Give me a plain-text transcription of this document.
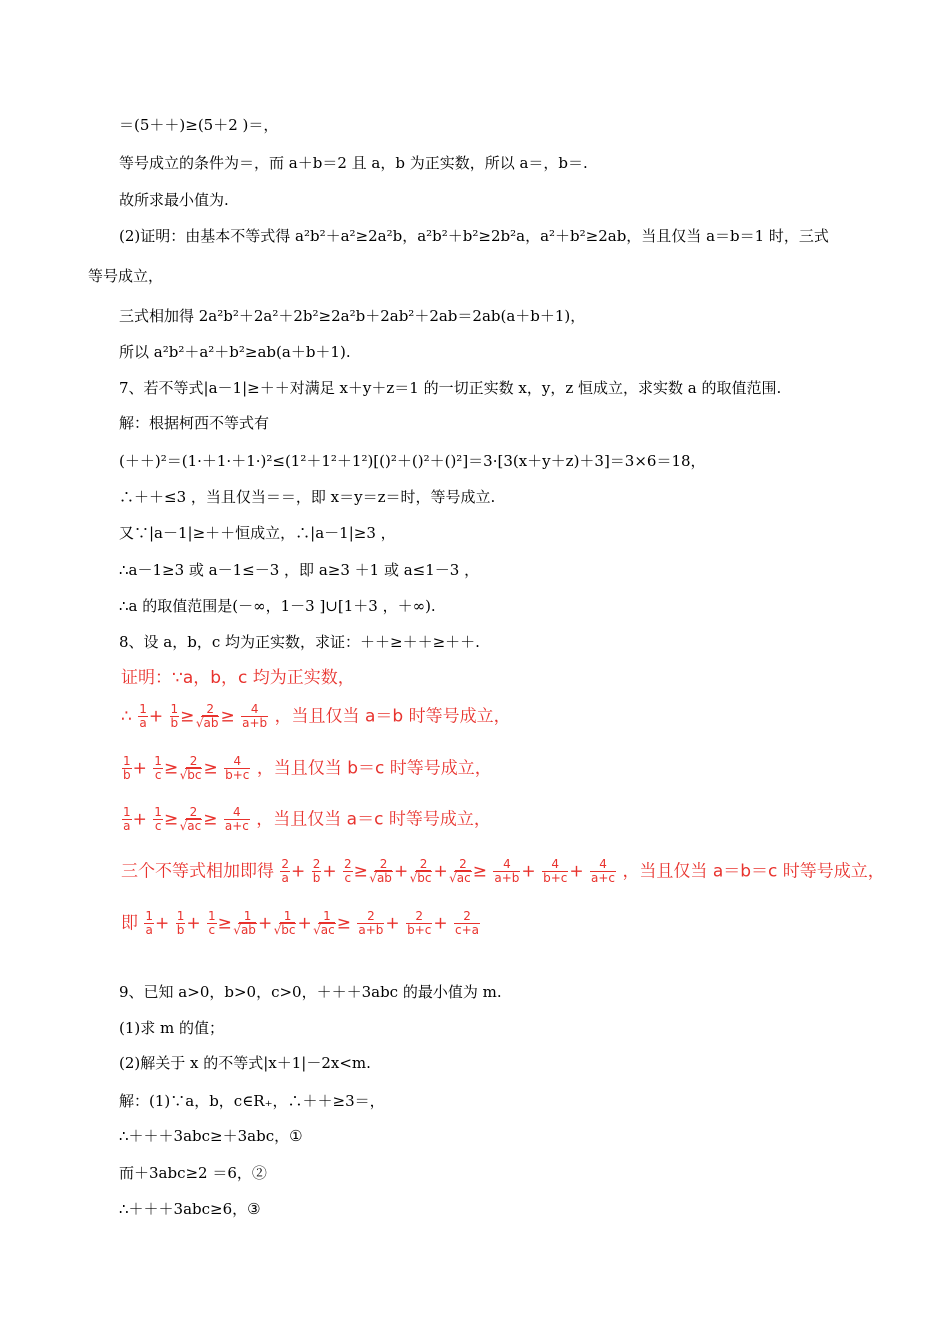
＝(5＋＋)≥(5＋2 )＝，
等号成立的条件为＝，而 a＋b＝2 且 a，b 为正实数，所以 a＝，b＝.
故所求最小值为.
(2)证明：由基本不等式得 a²b²＋a²≥2a²b，a²b²＋b²≥2b²a，a²＋b²≥2ab，当且仅当 a＝b＝1 时，三式
等号成立，
三式相加得 2a²b²＋2a²＋2b²≥2a²b＋2ab²＋2ab＝2ab(a＋b＋1)，
所以 a²b²＋a²＋b²≥ab(a＋b＋1).
7、若不等式|a－1|≥＋＋对满足 x＋y＋z＝1 的一切正实数 x，y，z 恒成立，求实数 a 的取值范围.
解：根据柯西不等式有
(＋＋)²＝(1·＋1·＋1·)²≤(1²＋1²＋1²)[()²＋()²＋()²]＝3·[3(x＋y＋z)＋3]＝3×6＝18，
∴＋＋≤3 ，当且仅当＝＝，即 x＝y＝z＝时，等号成立.
又∵|a－1|≥＋＋恒成立，∴|a－1|≥3 ，
∴a－1≥3 或 a－1≤－3 ，即 a≥3 ＋1 或 a≤1－3 ，
∴a 的取值范围是(－∞，1－3 ]∪[1＋3 ，＋∞).
8、设 a，b，c 均为正实数，求证：＋＋≥＋＋≥＋＋.
证明：∵a，b，c 均为正实数，
∴ $\frac{1}{a} + \frac{1}{b} \ge 2$
√ ab ≥ $\frac{4}{a+b}$ ，当且仅当 a＝b 时等号成立，
$\frac{1}{b} + \frac{1}{c} \ge 2$
√ bc ≥ $\frac{4}{b+c}$ ，当且仅当 b＝c 时等号成立，
$\frac{1}{a} + \frac{1}{c} \ge 2$
√ ac ≥ $\frac{4}{a+c}$ ，当且仅当 a＝c 时等号成立，
三个不等式相加即得 $\frac{2}{a} + \frac{2}{b} + \frac{2}{c} \ge 2$
√ ab + 2
√ bc + 2
√ ac ≥ $\frac{4}{a+b} + \frac{4}{b+c} + \frac{4}{a+c}$ ，当且仅当 a＝b＝c 时等号成立，
即 $\frac{1}{a} + \frac{1}{b} + \frac{1}{c} \ge 1$
√ ab + 1
√ bc + 1
√ ac ≥ $\frac{2}{a+b} + \frac{2}{b+c} + \frac{2}{c+a}$
9、已知 a>0，b>0，c>0，＋＋＋3abc 的最小值为 m.
(1)求 m 的值；
(2)解关于 x 的不等式|x＋1|－2x<m.
解：(1)∵a，b，c∈R₊，∴＋＋≥3＝，
∴＋＋＋3abc≥＋3abc，①
而＋3abc≥2 ＝6，②
∴＋＋＋3abc≥6，③
